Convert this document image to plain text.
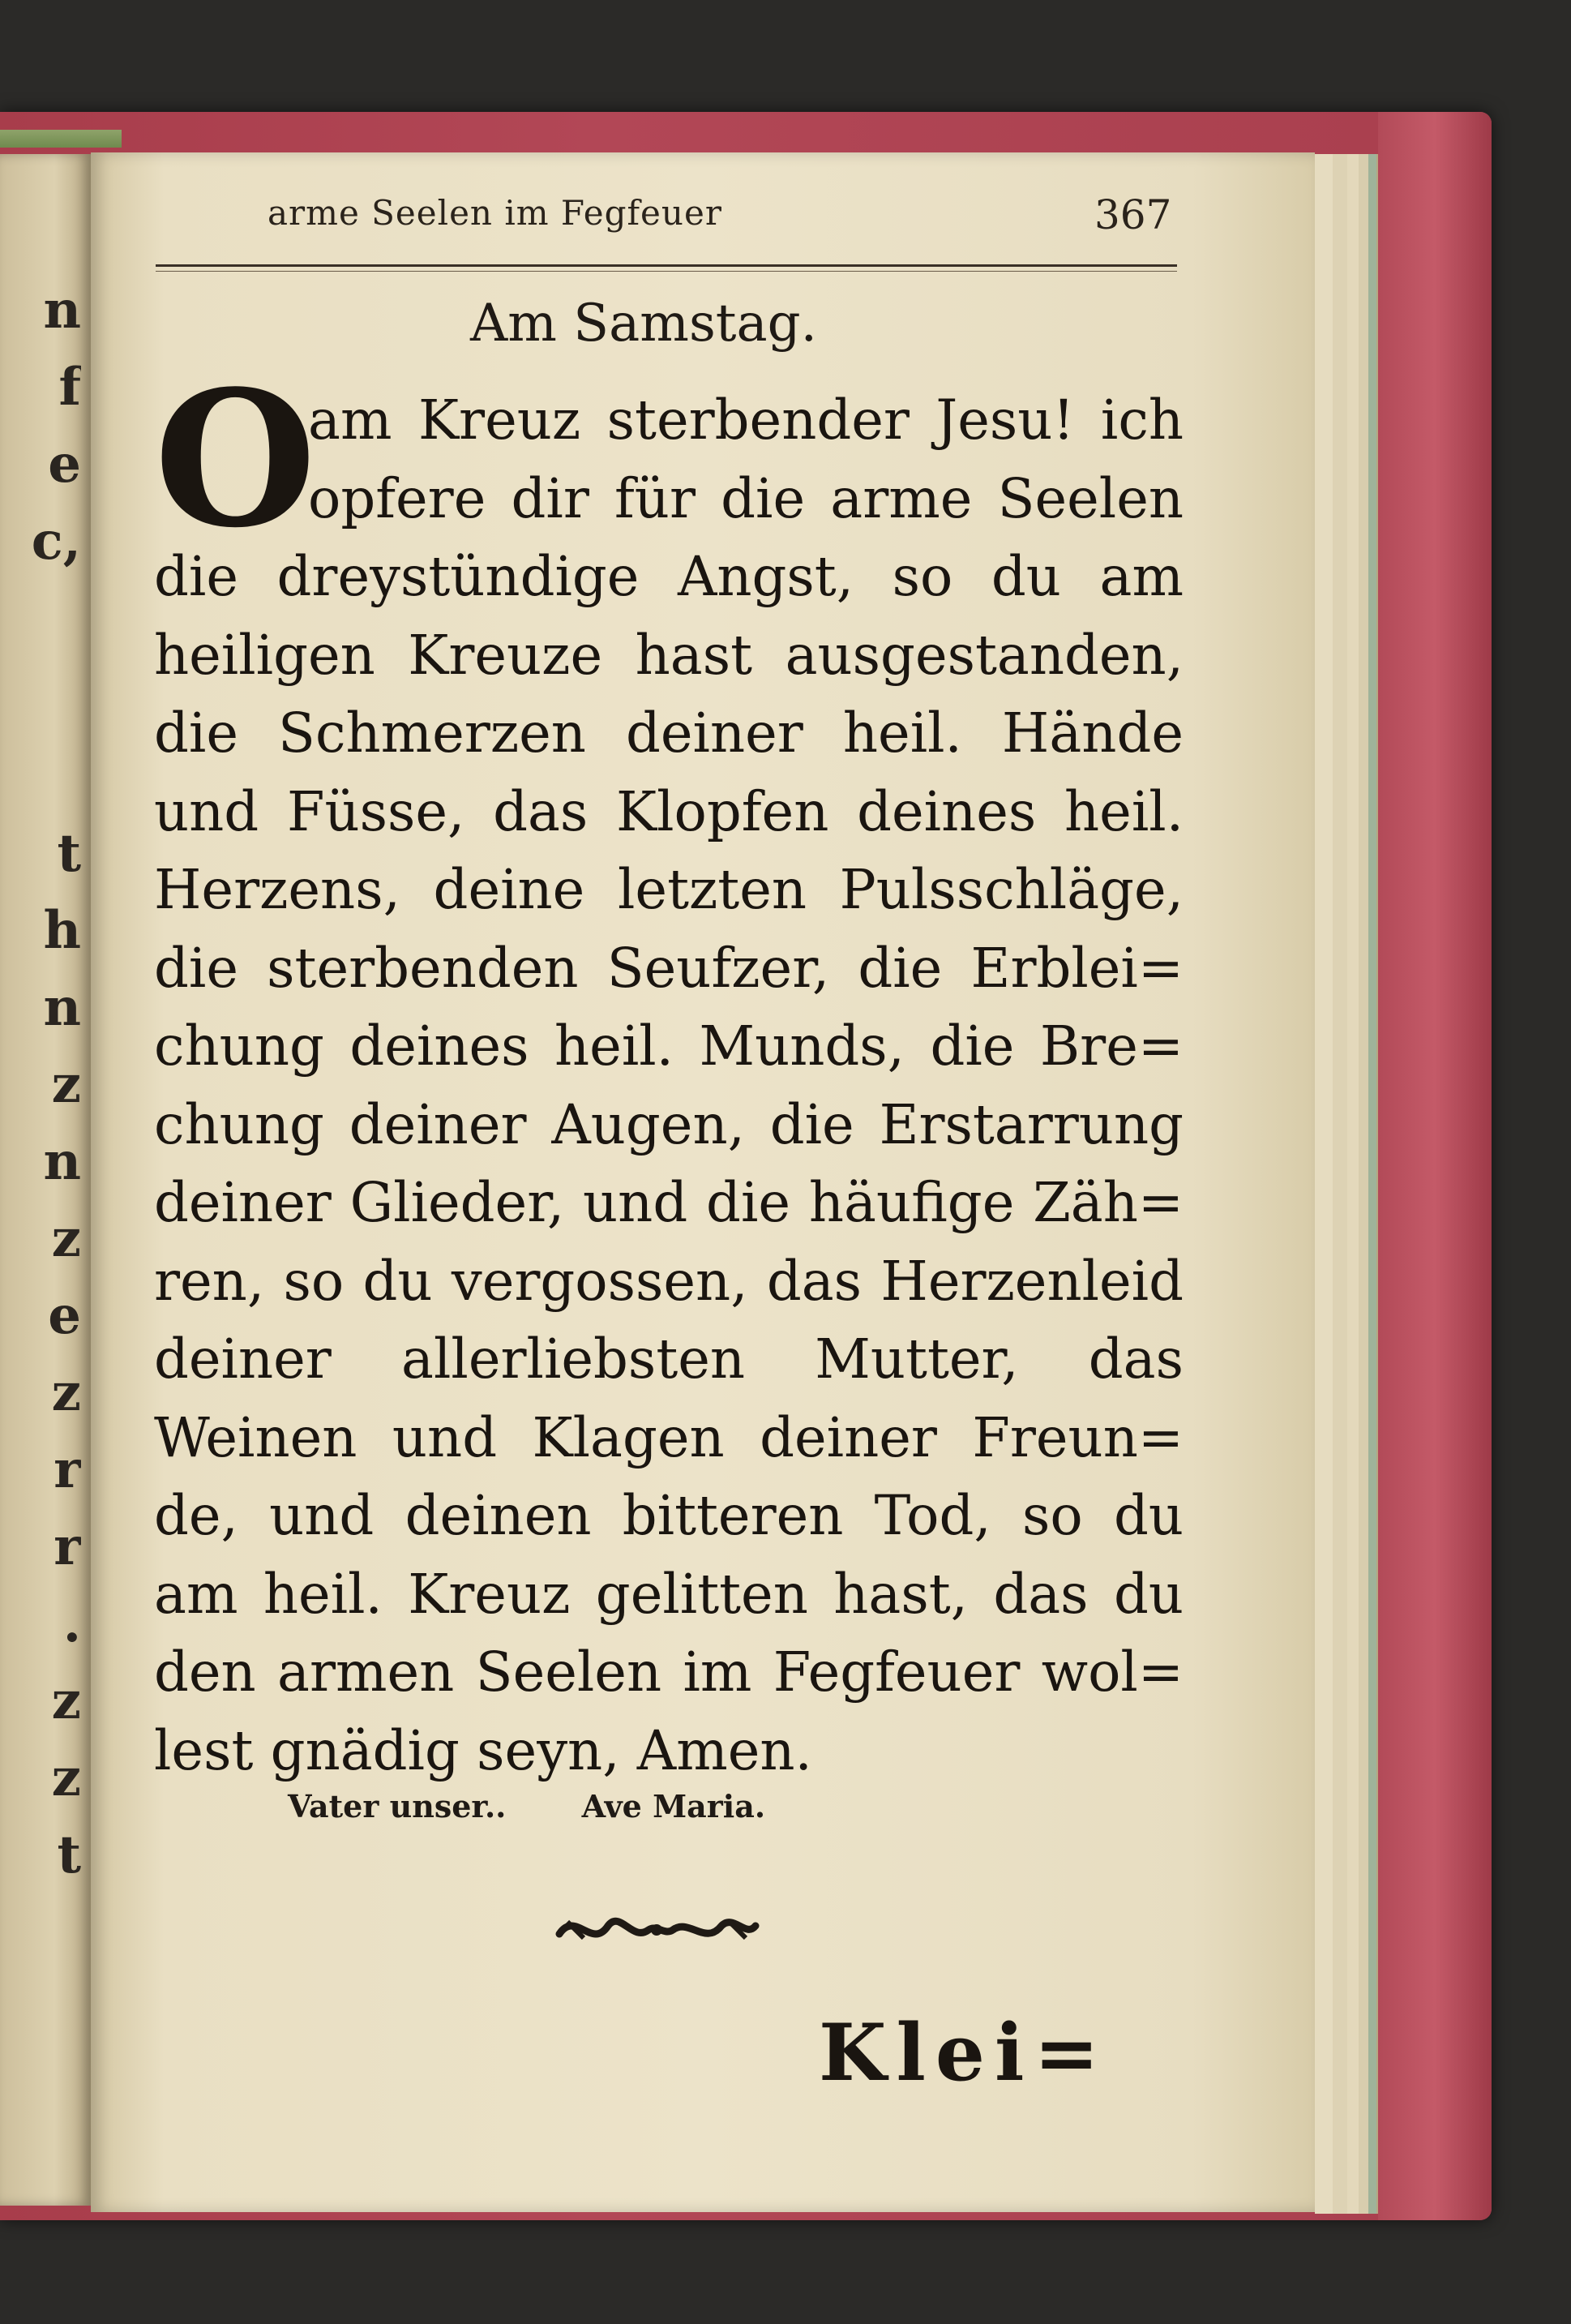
n
f
e
c,
t
h
n
z
n
z
e
z
r
r
.
z
z
t
arme Seelen im Fegfeuer	367
Am Samstag.
O
am Kreuz sterbender Jesu! ich
opfere dir für die arme Seelen
die dreystündige Angst, so du am
heiligen Kreuze hast ausgestanden,
die Schmerzen deiner heil. Hände
und Füsse, das Klopfen deines heil.
Herzens, deine letzten Pulsschläge,
die sterbenden Seufzer, die Erblei=
chung deines heil. Munds, die Bre=
chung deiner Augen, die Erstarrung
deiner Glieder, und die häufige Zäh=
ren, so du vergossen, das Herzenleid
deiner allerliebsten Mutter, das
Weinen und Klagen deiner Freun=
de, und deinen bitteren Tod, so du
am heil. Kreuz gelitten hast, das du
den armen Seelen im Fegfeuer wol=
lest gnädig seyn, Amen.
Vater unser.. Ave Maria.
Klei=
